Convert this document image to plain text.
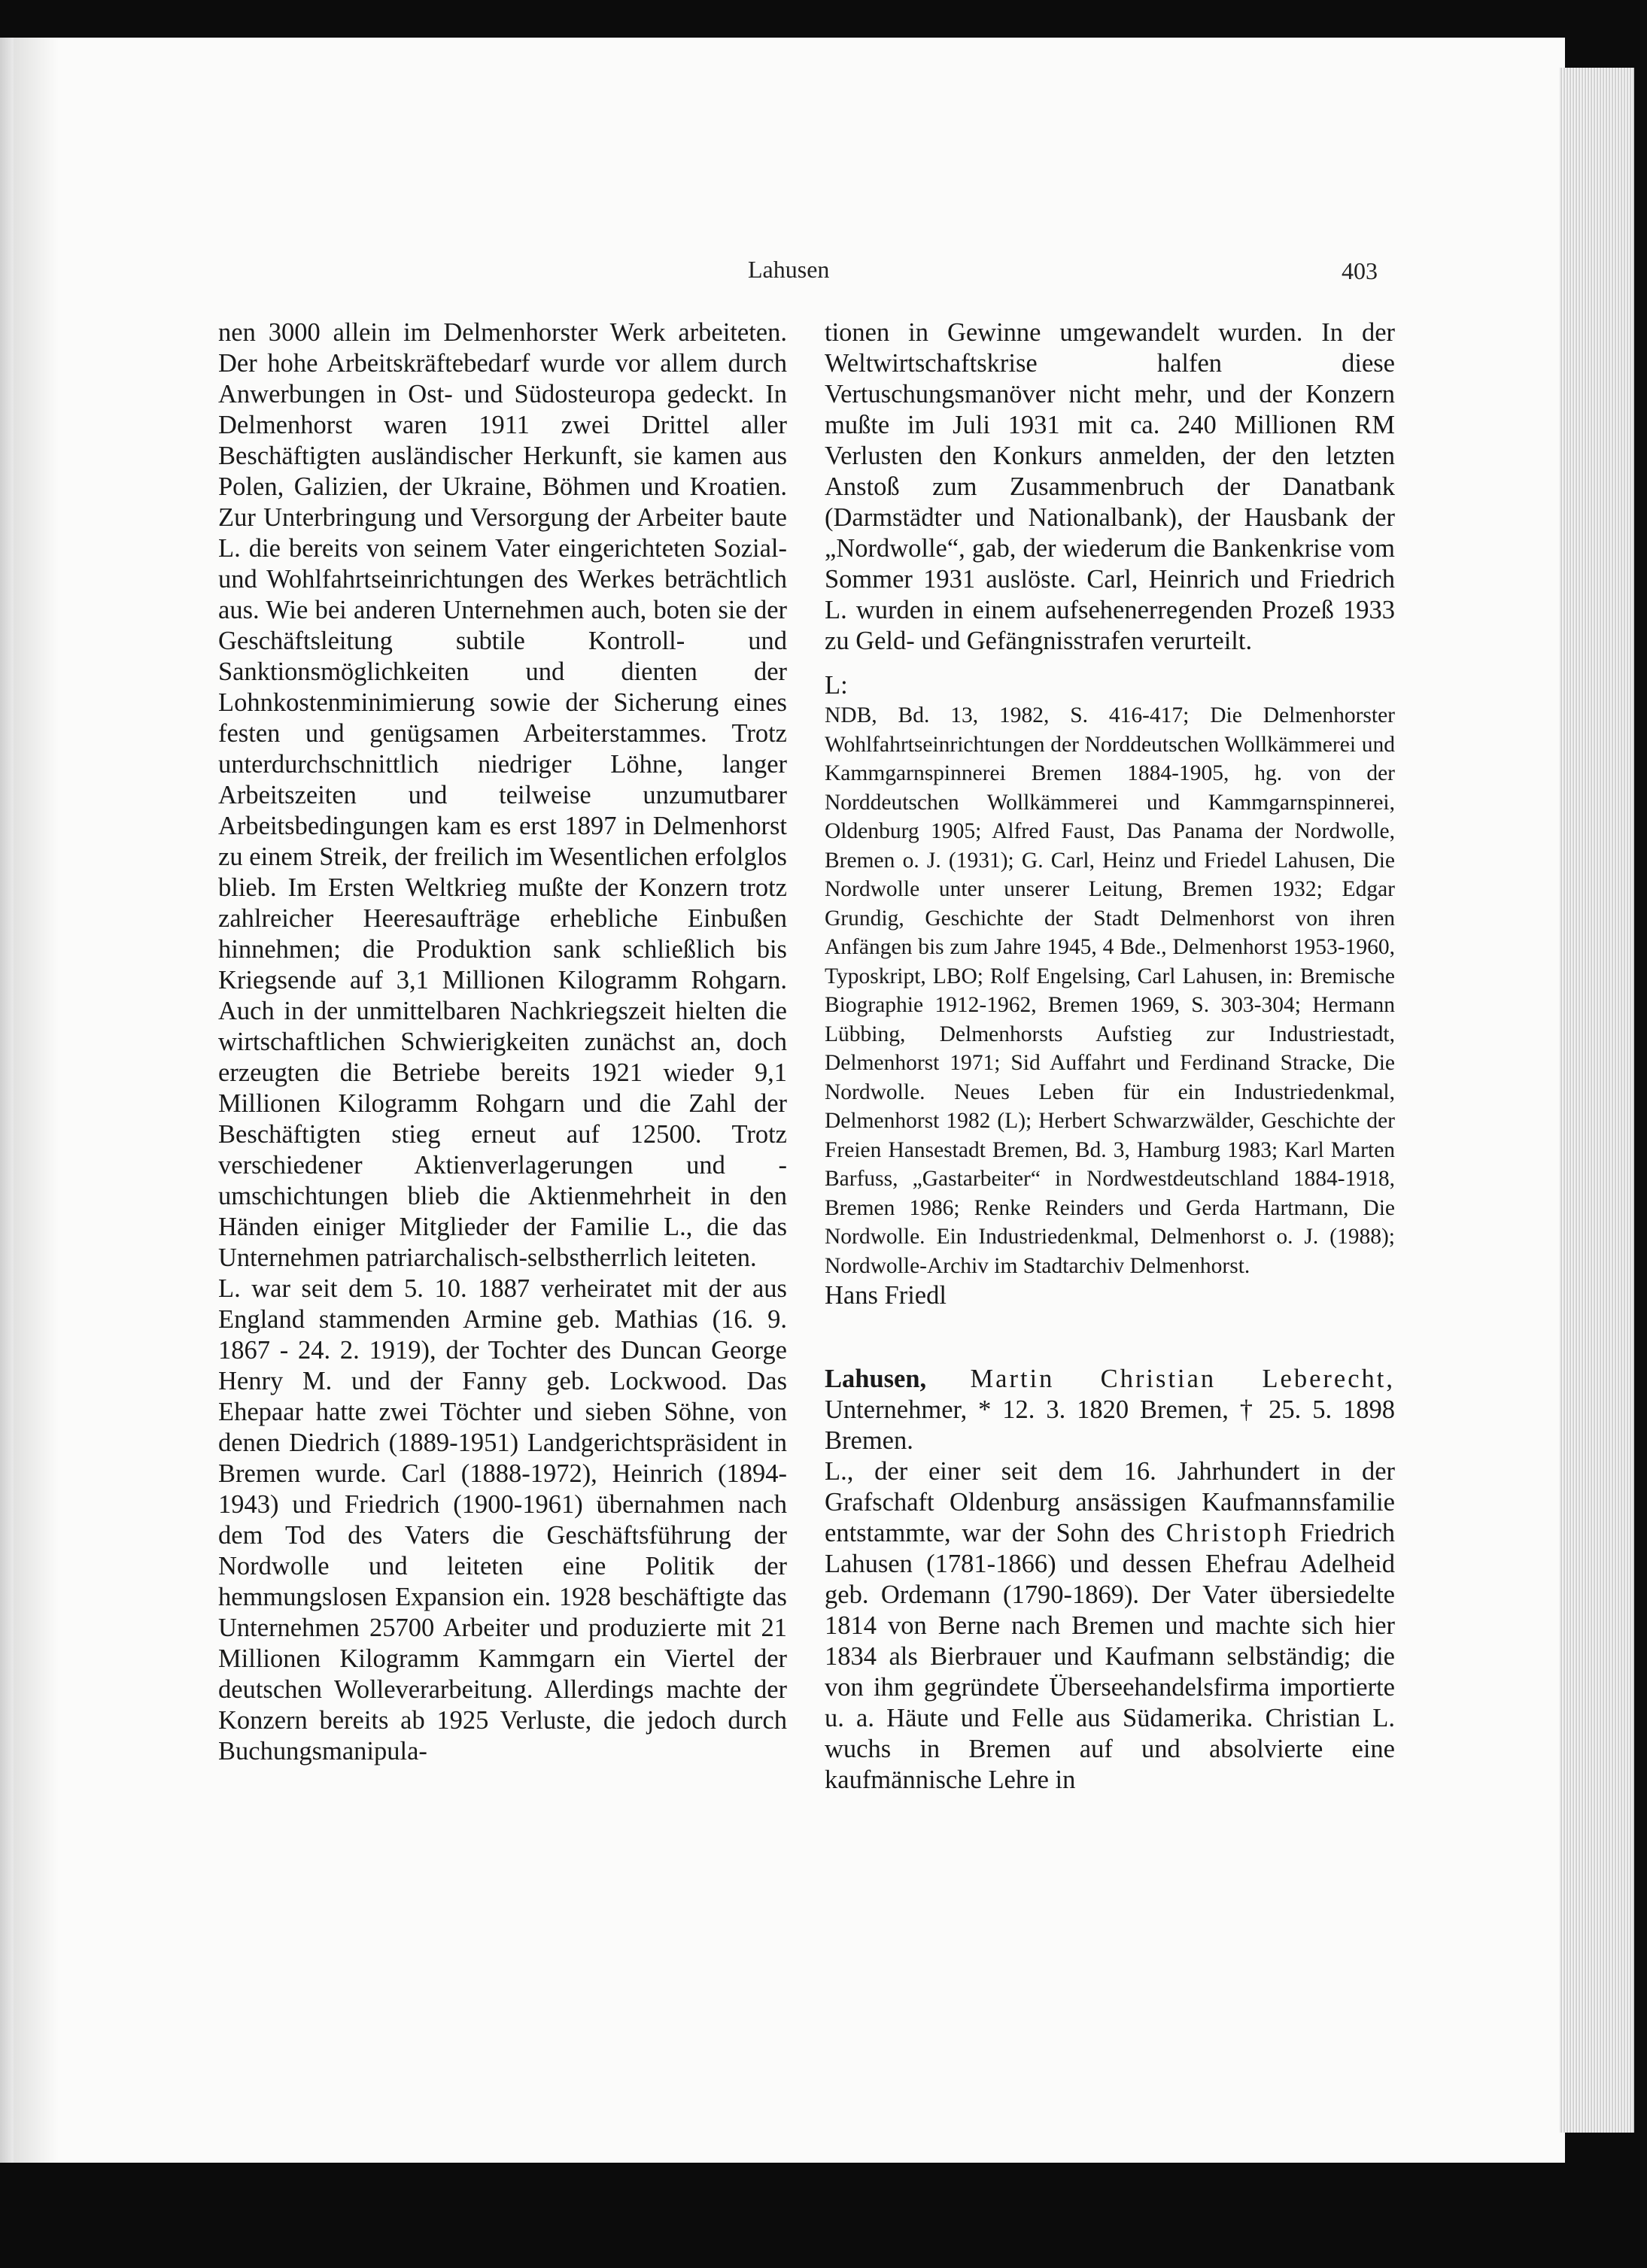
Lahusen	403

nen 3000 allein im Delmenhorster Werk arbeiteten. Der hohe Arbeitskräftebedarf wurde vor allem durch Anwerbungen in Ost- und Südosteuropa gedeckt. In Delmenhorst waren 1911 zwei Drittel aller Beschäftigten ausländischer Herkunft, sie kamen aus Polen, Galizien, der Ukraine, Böhmen und Kroatien. Zur Unterbringung und Versorgung der Arbeiter baute L. die bereits von seinem Vater eingerichteten Sozial- und Wohlfahrtseinrichtungen des Werkes beträchtlich aus. Wie bei anderen Unternehmen auch, boten sie der Geschäftsleitung subtile Kontroll- und Sanktionsmöglichkeiten und dienten der Lohnkostenminimierung sowie der Sicherung eines festen und genügsamen Arbeiterstammes. Trotz unterdurchschnittlich niedriger Löhne, langer Arbeitszeiten und teilweise unzumutbarer Arbeitsbedingungen kam es erst 1897 in Delmenhorst zu einem Streik, der freilich im Wesentlichen erfolglos blieb. Im Ersten Weltkrieg mußte der Konzern trotz zahlreicher Heeresaufträge erhebliche Einbußen hinnehmen; die Produktion sank schließlich bis Kriegsende auf 3,1 Millionen Kilogramm Rohgarn. Auch in der unmittelbaren Nachkriegszeit hielten die wirtschaftlichen Schwierigkeiten zunächst an, doch erzeugten die Betriebe bereits 1921 wieder 9,1 Millionen Kilogramm Rohgarn und die Zahl der Beschäftigten stieg erneut auf 12500. Trotz verschiedener Aktienverlagerungen und -umschichtungen blieb die Aktienmehrheit in den Händen einiger Mitglieder der Familie L., die das Unternehmen patriarchalisch-selbstherrlich leiteten.

L. war seit dem 5. 10. 1887 verheiratet mit der aus England stammenden Armine geb. Mathias (16. 9. 1867 - 24. 2. 1919), der Tochter des Duncan George Henry M. und der Fanny geb. Lockwood. Das Ehepaar hatte zwei Töchter und sieben Söhne, von denen Diedrich (1889-1951) Landgerichtspräsident in Bremen wurde. Carl (1888-1972), Heinrich (1894-1943) und Friedrich (1900-1961) übernahmen nach dem Tod des Vaters die Geschäftsführung der Nordwolle und leiteten eine Politik der hemmungslosen Expansion ein. 1928 beschäftigte das Unternehmen 25700 Arbeiter und produzierte mit 21 Millionen Kilogramm Kammgarn ein Viertel der deutschen Wolleverarbeitung. Allerdings machte der Konzern bereits ab 1925 Verluste, die jedoch durch Buchungsmanipula-

tionen in Gewinne umgewandelt wurden. In der Weltwirtschaftskrise halfen diese Vertuschungsmanöver nicht mehr, und der Konzern mußte im Juli 1931 mit ca. 240 Millionen RM Verlusten den Konkurs anmelden, der den letzten Anstoß zum Zusammenbruch der Danatbank (Darmstädter und Nationalbank), der Hausbank der „Nordwolle“, gab, der wiederum die Bankenkrise vom Sommer 1931 auslöste. Carl, Heinrich und Friedrich L. wurden in einem aufsehenerregenden Prozeß 1933 zu Geld- und Gefängnisstrafen verurteilt.

L:

NDB, Bd. 13, 1982, S. 416-417; Die Delmenhorster Wohlfahrtseinrichtungen der Norddeutschen Wollkämmerei und Kammgarnspinnerei Bremen 1884-1905, hg. von der Norddeutschen Wollkämmerei und Kammgarnspinnerei, Oldenburg 1905; Alfred Faust, Das Panama der Nordwolle, Bremen o. J. (1931); G. Carl, Heinz und Friedel Lahusen, Die Nordwolle unter unserer Leitung, Bremen 1932; Edgar Grundig, Geschichte der Stadt Delmenhorst von ihren Anfängen bis zum Jahre 1945, 4 Bde., Delmenhorst 1953-1960, Typoskript, LBO; Rolf Engelsing, Carl Lahusen, in: Bremische Biographie 1912-1962, Bremen 1969, S. 303-304; Hermann Lübbing, Delmenhorsts Aufstieg zur Industriestadt, Delmenhorst 1971; Sid Auffahrt und Ferdinand Stracke, Die Nordwolle. Neues Leben für ein Industriedenkmal, Delmenhorst 1982 (L); Herbert Schwarzwälder, Geschichte der Freien Hansestadt Bremen, Bd. 3, Hamburg 1983; Karl Marten Barfuss, „Gastarbeiter“ in Nordwestdeutschland 1884-1918, Bremen 1986; Renke Reinders und Gerda Hartmann, Die Nordwolle. Ein Industriedenkmal, Delmenhorst o. J. (1988); Nordwolle-Archiv im Stadtarchiv Delmenhorst.

Hans Friedl

Lahusen, Martin Christian Leberecht, Unternehmer, * 12. 3. 1820 Bremen, † 25. 5. 1898 Bremen.

L., der einer seit dem 16. Jahrhundert in der Grafschaft Oldenburg ansässigen Kaufmannsfamilie entstammte, war der Sohn des Christoph Friedrich Lahusen (1781-1866) und dessen Ehefrau Adelheid geb. Ordemann (1790-1869). Der Vater übersiedelte 1814 von Berne nach Bremen und machte sich hier 1834 als Bierbrauer und Kaufmann selbständig; die von ihm gegründete Überseehandelsfirma importierte u. a. Häute und Felle aus Südamerika. Christian L. wuchs in Bremen auf und absolvierte eine kaufmännische Lehre in
